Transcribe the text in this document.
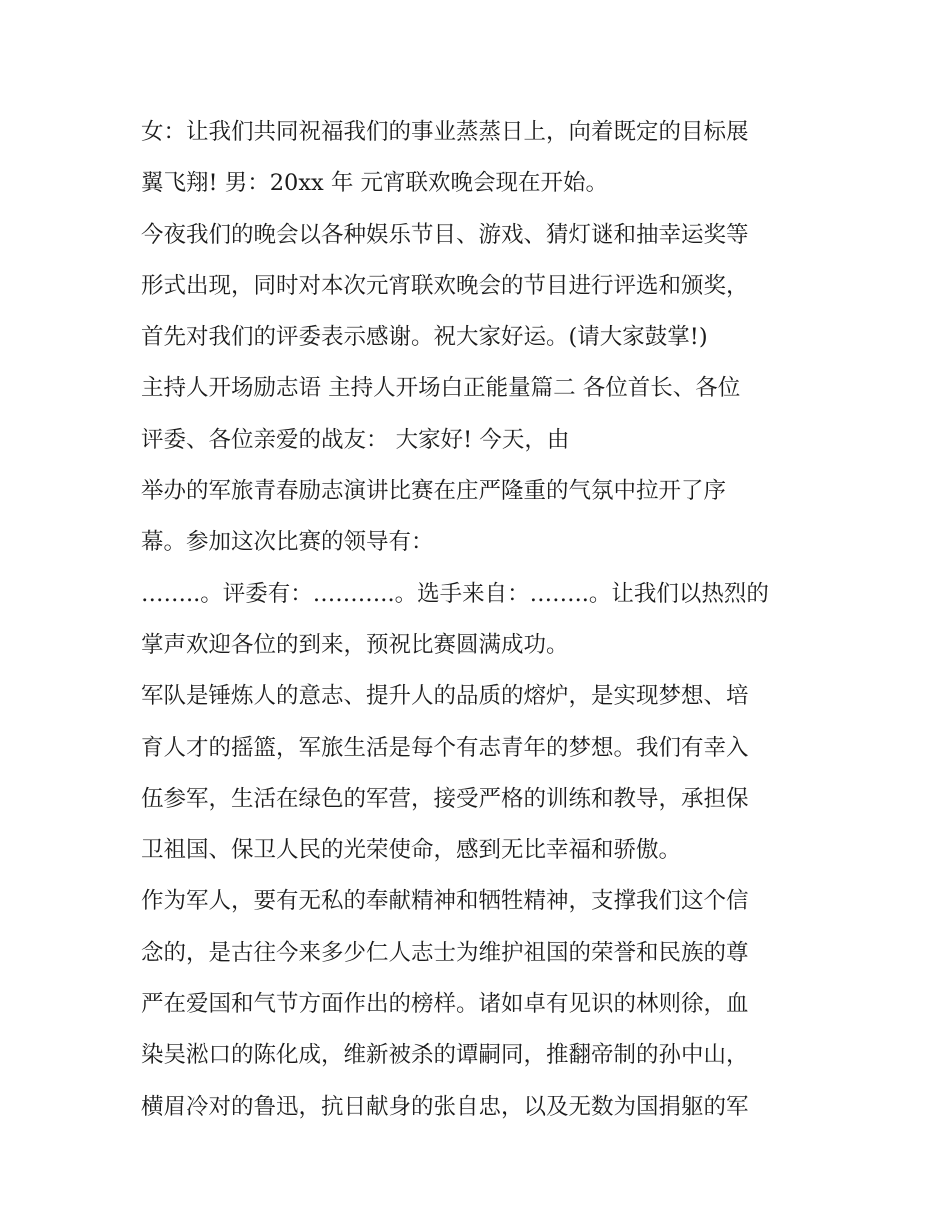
女：让我们共同祝福我们的事业蒸蒸日上，向着既定的目标展
翼飞翔! 男：20xx 年 元宵联欢晚会现在开始。
今夜我们的晚会以各种娱乐节目、游戏、猜灯谜和抽幸运奖等
形式出现，同时对本次元宵联欢晚会的节目进行评选和颁奖，
首先对我们的评委表示感谢。祝大家好运。(请大家鼓掌!)
主持人开场励志语 主持人开场白正能量篇二 各位首长、各位
评委、各位亲爱的战友： 大家好! 今天，由
举办的军旅青春励志演讲比赛在庄严隆重的气氛中拉开了序
幕。参加这次比赛的领导有：
……..。评委有：………..。选手来自：……..。让我们以热烈的
掌声欢迎各位的到来，预祝比赛圆满成功。
军队是锤炼人的意志、提升人的品质的熔炉，是实现梦想、培
育人才的摇篮，军旅生活是每个有志青年的梦想。我们有幸入
伍参军，生活在绿色的军营，接受严格的训练和教导，承担保
卫祖国、保卫人民的光荣使命，感到无比幸福和骄傲。
作为军人，要有无私的奉献精神和牺牲精神，支撑我们这个信
念的，是古往今来多少仁人志士为维护祖国的荣誉和民族的尊
严在爱国和气节方面作出的榜样。诸如卓有见识的林则徐，血
染吴淞口的陈化成，维新被杀的谭嗣同，推翻帝制的孙中山，
横眉冷对的鲁迅，抗日献身的张自忠，以及无数为国捐躯的军
